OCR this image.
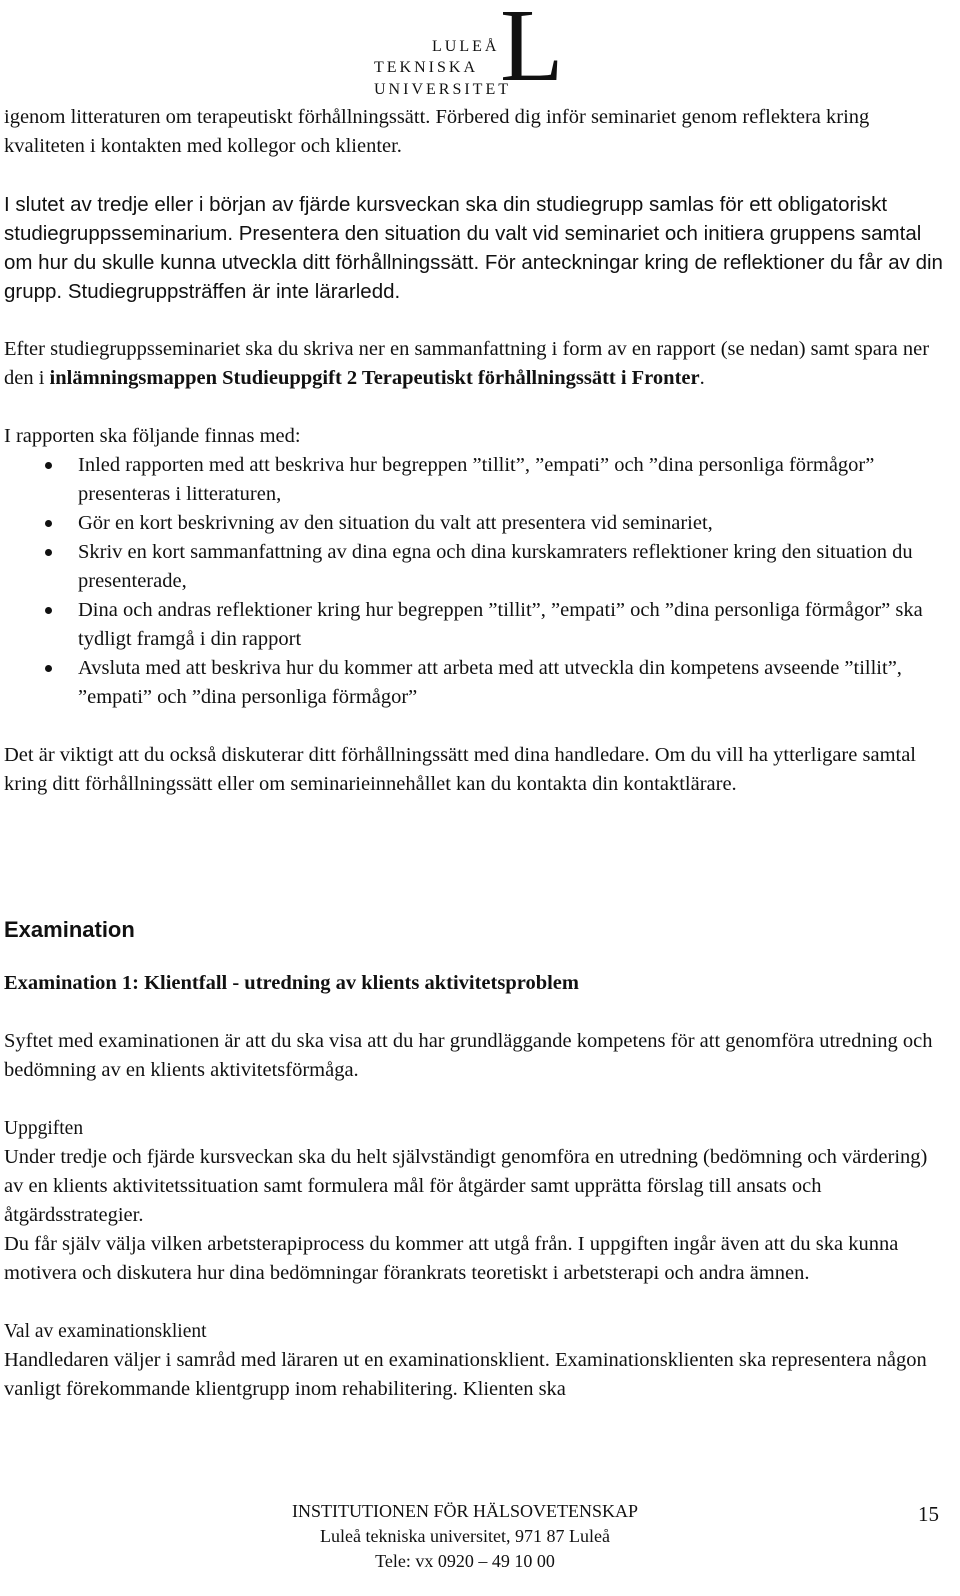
LULEÅ
TEKNISKA
UNIVERSITET
L

igenom litteraturen om terapeutiskt förhållningssätt. Förbered dig inför seminariet genom reflektera kring kvaliteten i kontakten med kollegor och klienter.

I slutet av tredje eller i början av fjärde kursveckan ska din studiegrupp samlas för ett obligatoriskt studiegruppsseminarium. Presentera den situation du valt vid seminariet och initiera gruppens samtal om hur du skulle kunna utveckla ditt förhållningssätt. För anteckningar kring de reflektioner du får av din grupp. Studiegruppsträffen är inte lärarledd.

Efter studiegruppsseminariet ska du skriva ner en sammanfattning i form av en rapport (se nedan) samt spara ner den i inlämningsmappen Studieuppgift 2 Terapeutiskt förhållningssätt i Fronter.

I rapporten ska följande finnas med:

Inled rapporten med att beskriva hur begreppen ”tillit”, ”empati” och ”dina personliga förmågor” presenteras i litteraturen,
Gör en kort beskrivning av den situation du valt att presentera vid seminariet,
Skriv en kort sammanfattning av dina egna och dina kurskamraters reflektioner kring den situation du presenterade,
Dina och andras reflektioner kring hur begreppen ”tillit”, ”empati” och ”dina personliga förmågor” ska tydligt framgå i din rapport
Avsluta med att beskriva hur du kommer att arbeta med att utveckla din kompetens avseende ”tillit”, ”empati” och ”dina personliga förmågor”

Det är viktigt att du också diskuterar ditt förhållningssätt med dina handledare. Om du vill ha ytterligare samtal kring ditt förhållningssätt eller om seminarieinnehållet kan du kontakta din kontaktlärare.

Examination

Examination 1: Klientfall - utredning av klients aktivitetsproblem

Syftet med examinationen är att du ska visa att du har grundläggande kompetens för att genomföra utredning och bedömning av en klients aktivitetsförmåga.

Uppgiften

Under tredje och fjärde kursveckan ska du helt självständigt genomföra en utredning (bedömning och värdering) av en klients aktivitetssituation samt formulera mål för åtgärder samt upprätta förslag till ansats och åtgärdsstrategier.

Du får själv välja vilken arbetsterapiprocess du kommer att utgå från. I uppgiften ingår även att du ska kunna motivera och diskutera hur dina bedömningar förankrats teoretiskt i arbetsterapi och andra ämnen.

Val av examinationsklient

Handledaren väljer i samråd med läraren ut en examinationsklient. Examinationsklienten ska representera någon vanligt förekommande klientgrupp inom rehabilitering. Klienten ska

INSTITUTIONEN FÖR HÄLSOVETENSKAP
Luleå tekniska universitet, 971 87 Luleå
Tele: vx 0920 – 49 10 00
15
